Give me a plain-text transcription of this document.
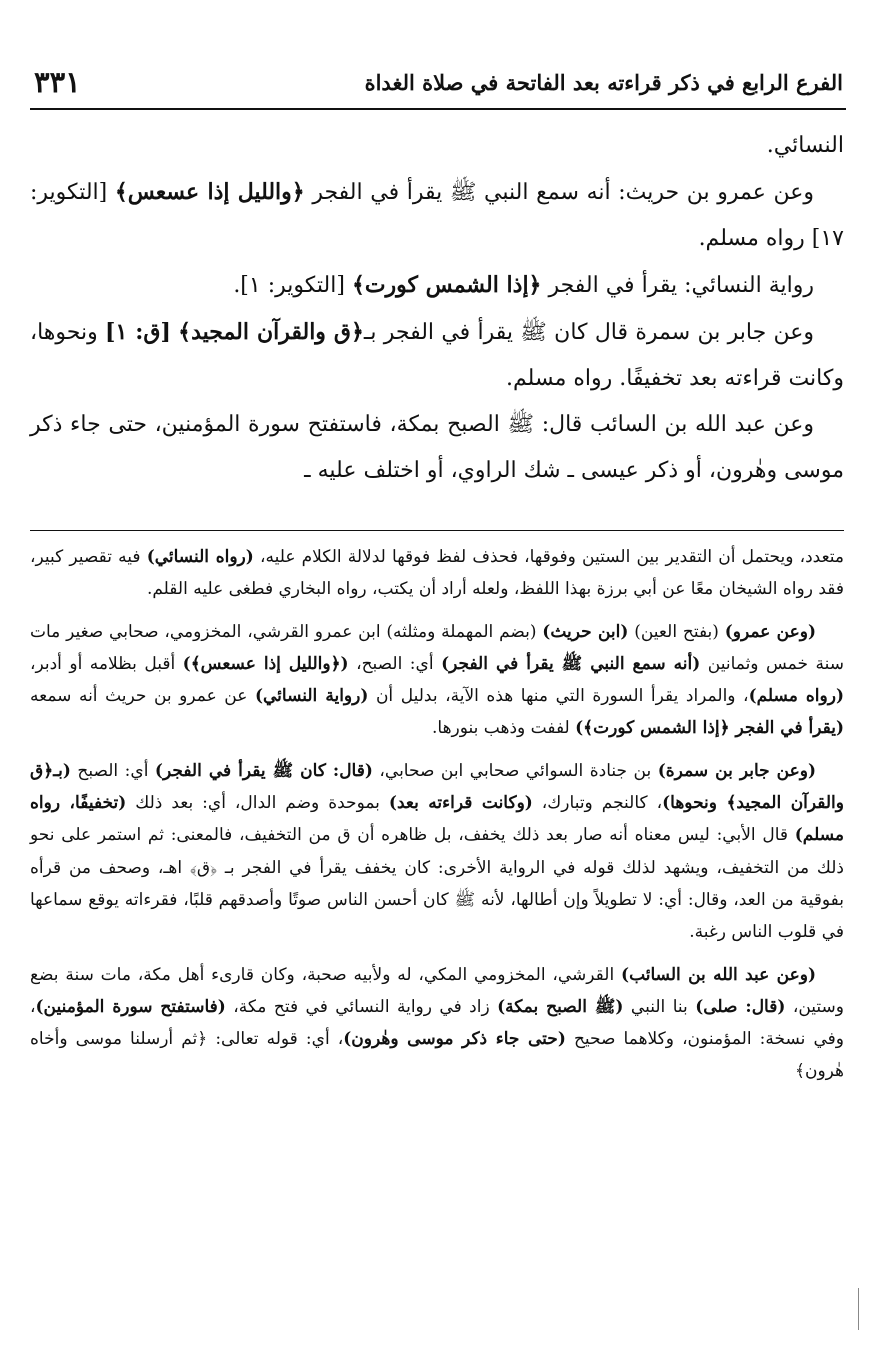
الفرع الرابع في ذكر قراءته بعد الفاتحة في صلاة الغداة
٣٣١

النسائي.

وعن عمرو بن حريث: أنه سمع النبي ﷺ يقرأ في الفجر ﴿والليل إذا عسعس﴾ [التكوير: ١٧] رواه مسلم.

رواية النسائي: يقرأ في الفجر ﴿إذا الشمس كورت﴾ [التكوير: ١].

وعن جابر بن سمرة قال كان ﷺ يقرأ في الفجر بـ﴿ق والقرآن المجيد﴾ [ق: ١] ونحوها، وكانت قراءته بعد تخفيفًا. رواه مسلم.

وعن عبد الله بن السائب قال: ﷺ الصبح بمكة، فاستفتح سورة المؤمنين، حتى جاء ذكر موسى وهٰرون، أو ذكر عيسى ـ شك الراوي، أو اختلف عليه ـ

متعدد، ويحتمل أن التقدير بين الستين وفوقها، فحذف لفظ فوقها لدلالة الكلام عليه، (رواه النسائي) فيه تقصير كبير، فقد رواه الشيخان معًا عن أبي برزة بهذا اللفظ، ولعله أراد أن يكتب، رواه البخاري فطغى عليه القلم.

(وعن عمرو) (بفتح العين) (ابن حريث) (بضم المهملة ومثلثه) ابن عمرو القرشي، المخزومي، صحابي صغير مات سنة خمس وثمانين (أنه سمع النبي ﷺ يقرأ في الفجر) أي: الصبح، (﴿والليل إذا عسعس﴾) أقبل بظلامه أو أدبر، (رواه مسلم)، والمراد يقرأ السورة التي منها هذه الآية، بدليل أن (رواية النسائي) عن عمرو بن حريث أنه سمعه (يقرأ في الفجر ﴿إذا الشمس كورت﴾) لففت وذهب بنورها.

(وعن جابر بن سمرة) بن جنادة السوائي صحابي ابن صحابي، (قال: كان ﷺ يقرأ في الفجر) أي: الصبح (بـ﴿ق والقرآن المجيد﴾ ونحوها)، كالنجم وتبارك، (وكانت قراءته بعد) بموحدة وضم الدال، أي: بعد ذلك (تخفيفًا، رواه مسلم) قال الأبي: ليس معناه أنه صار بعد ذلك يخفف، بل ظاهره أن ق من التخفيف، فالمعنى: ثم استمر على نحو ذلك من التخفيف، ويشهد لذلك قوله في الرواية الأخرى: كان يخفف يقرأ في الفجر بـ ﴿ق﴾ اهـ، وصحف من قرأه بفوقية من العد، وقال: أي: لا تطويلاً وإن أطالها، لأنه ﷺ كان أحسن الناس صوتًا وأصدقهم قلبًا، فقرءاته يوقع سماعها في قلوب الناس رغبة.

(وعن عبد الله بن السائب) القرشي، المخزومي المكي، له ولأبيه صحبة، وكان قارىء أهل مكة، مات سنة بضع وستين، (قال: صلى) بنا النبي (ﷺ الصبح بمكة) زاد في رواية النسائي في فتح مكة، (فاستفتح سورة المؤمنين)، وفي نسخة: المؤمنون، وكلاهما صحيح (حتى جاء ذكر موسى وهٰرون)، أي: قوله تعالى: ﴿ثم أرسلنا موسى وأخاه هٰرون﴾
